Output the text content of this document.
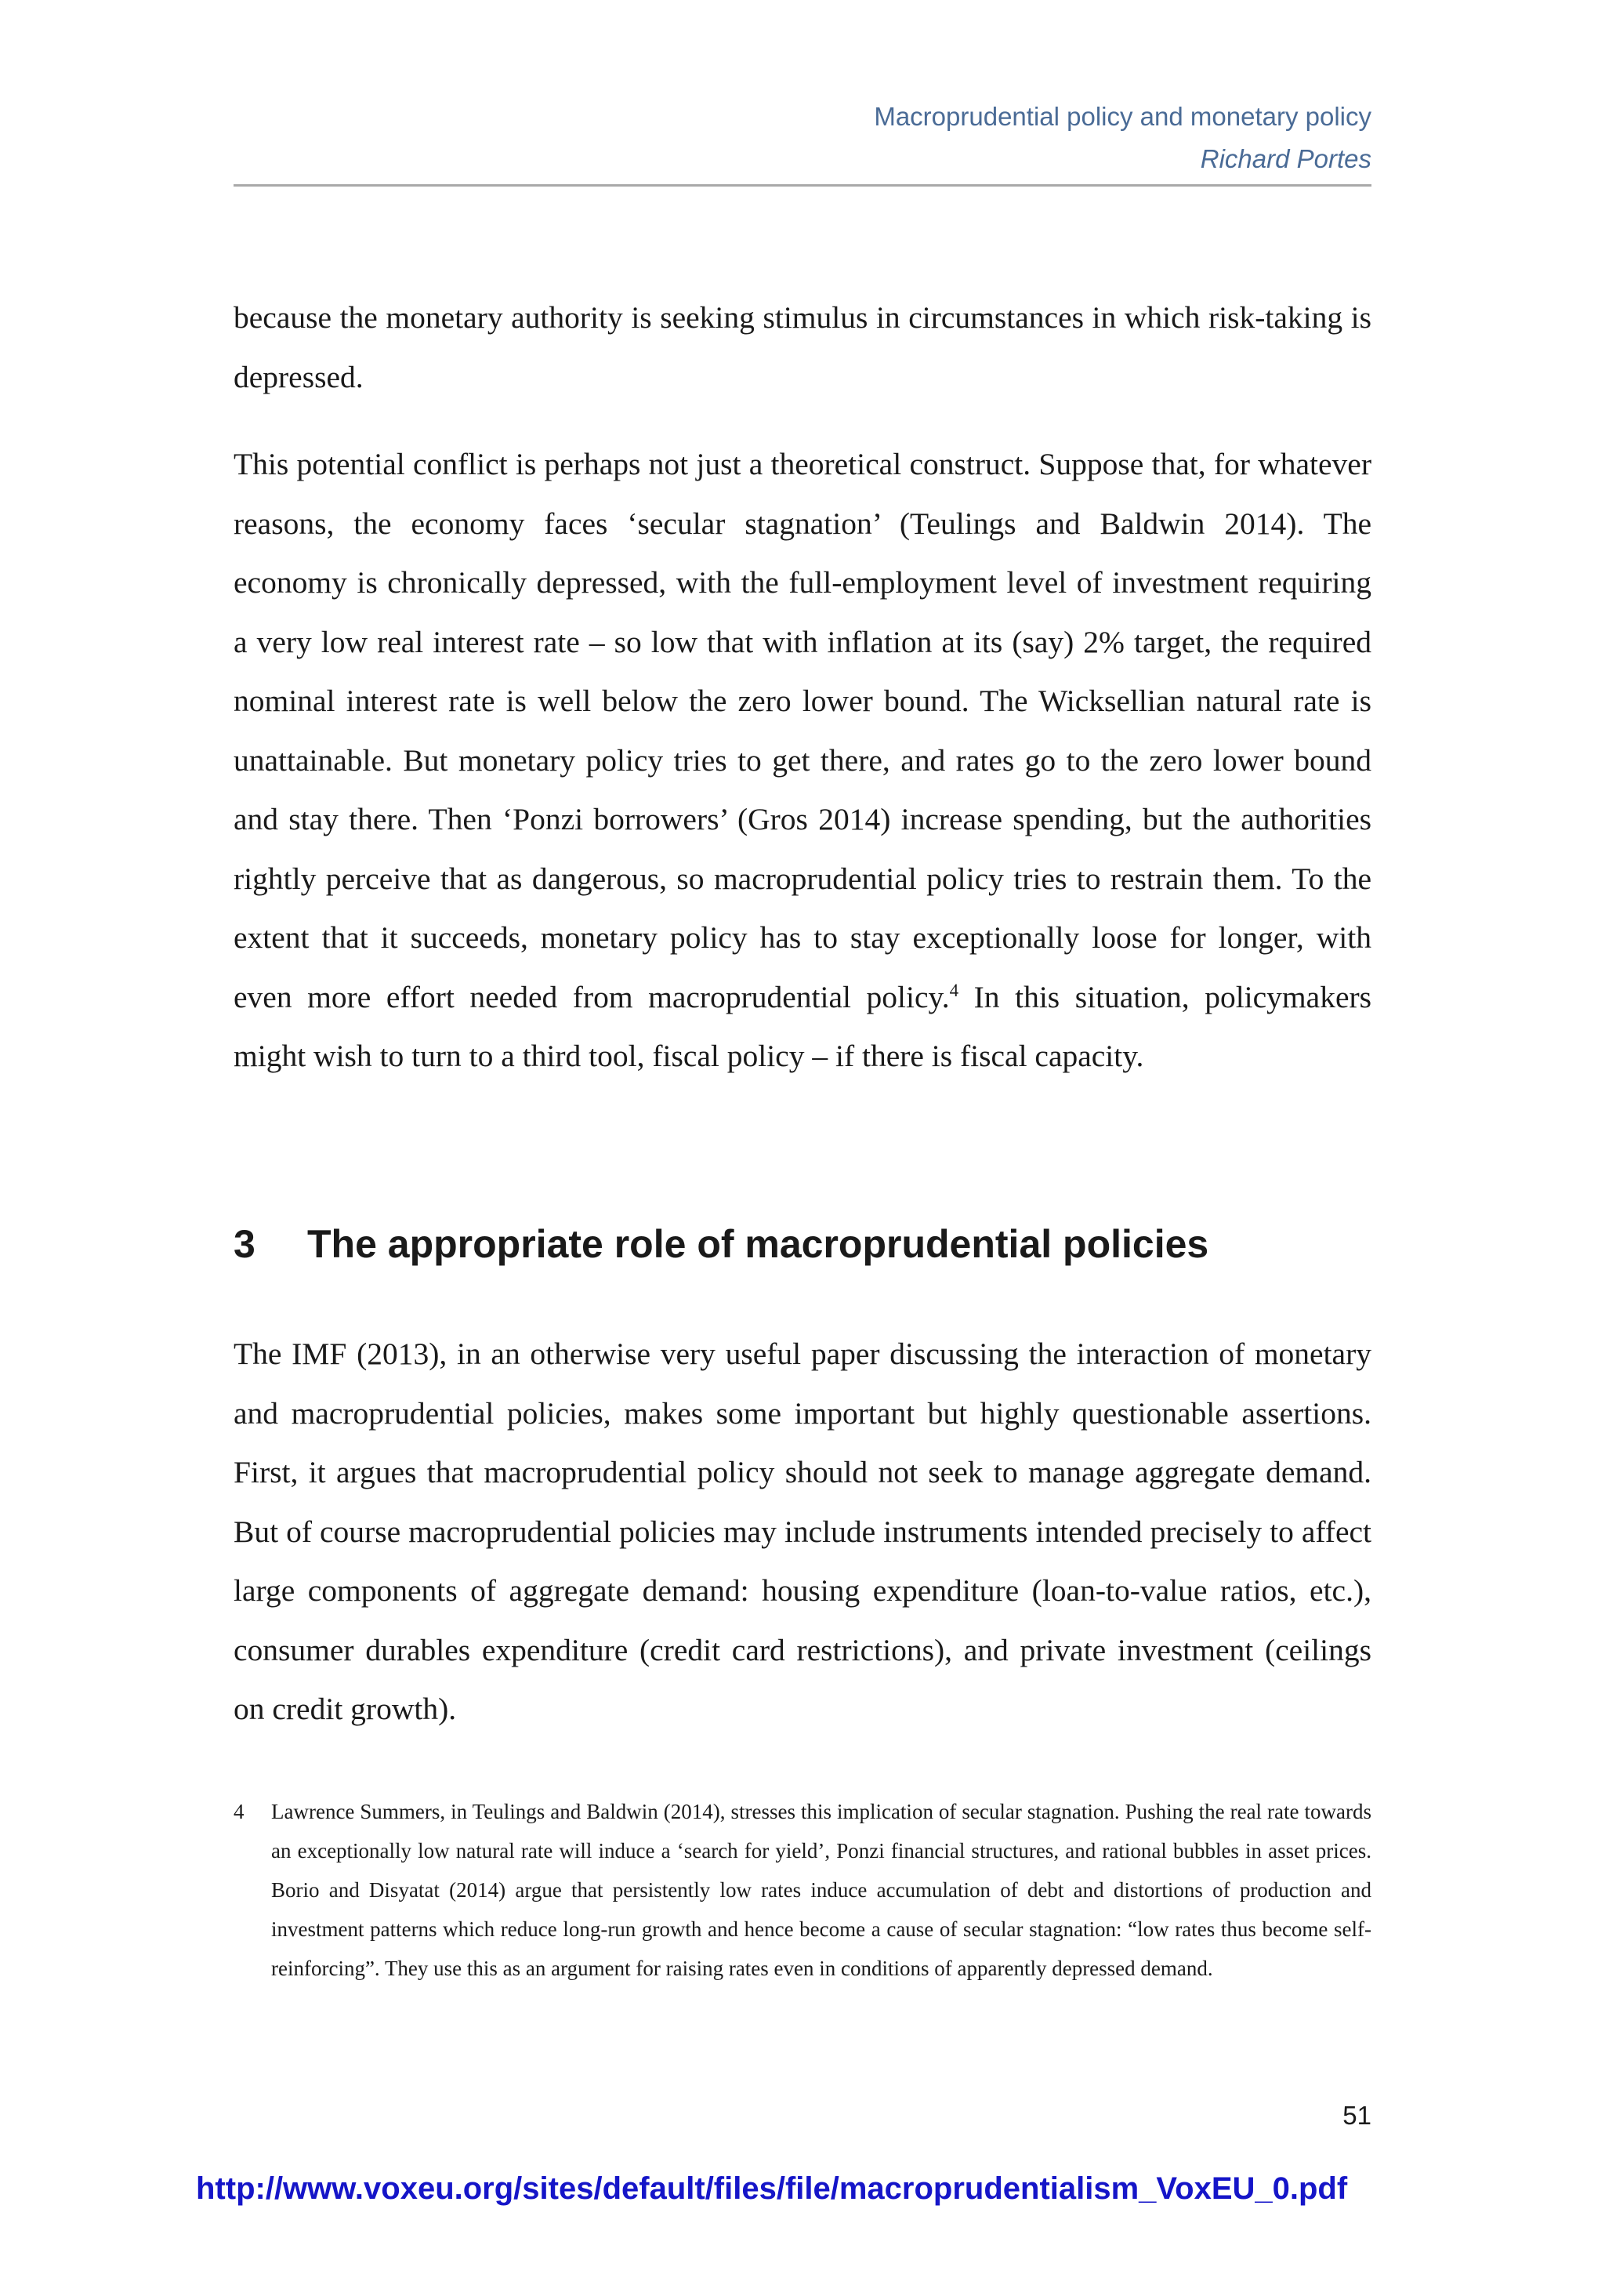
Macroprudential policy and monetary policy
Richard Portes

because the monetary authority is seeking stimulus in circumstances in which risk-taking is depressed.

This potential conflict is perhaps not just a theoretical construct. Suppose that, for whatever reasons, the economy faces ‘secular stagnation’ (Teulings and Baldwin 2014). The economy is chronically depressed, with the full-employment level of investment requiring a very low real interest rate – so low that with inflation at its (say) 2% target, the required nominal interest rate is well below the zero lower bound. The Wicksellian natural rate is unattainable. But monetary policy tries to get there, and rates go to the zero lower bound and stay there. Then ‘Ponzi borrowers’ (Gros 2014) increase spending, but the authorities rightly perceive that as dangerous, so macroprudential policy tries to restrain them. To the extent that it succeeds, monetary policy has to stay exceptionally loose for longer, with even more effort needed from macroprudential policy.$^4$ In this situation, policymakers might wish to turn to a third tool, fiscal policy – if there is fiscal capacity.

3 The appropriate role of macroprudential policies

The IMF (2013), in an otherwise very useful paper discussing the interaction of monetary and macroprudential policies, makes some important but highly questionable assertions. First, it argues that macroprudential policy should not seek to manage aggregate demand. But of course macroprudential policies may include instruments intended precisely to affect large components of aggregate demand: housing expenditure (loan-to-value ratios, etc.), consumer durables expenditure (credit card restrictions), and private investment (ceilings on credit growth).

4 Lawrence Summers, in Teulings and Baldwin (2014), stresses this implication of secular stagnation. Pushing the real rate towards an exceptionally low natural rate will induce a ‘search for yield’, Ponzi financial structures, and rational bubbles in asset prices. Borio and Disyatat (2014) argue that persistently low rates induce accumulation of debt and distortions of production and investment patterns which reduce long-run growth and hence become a cause of secular stagnation: “low rates thus become self-reinforcing”. They use this as an argument for raising rates even in conditions of apparently depressed demand.
51
http://www.voxeu.org/sites/default/files/file/macroprudentialism_VoxEU_0.pdf
